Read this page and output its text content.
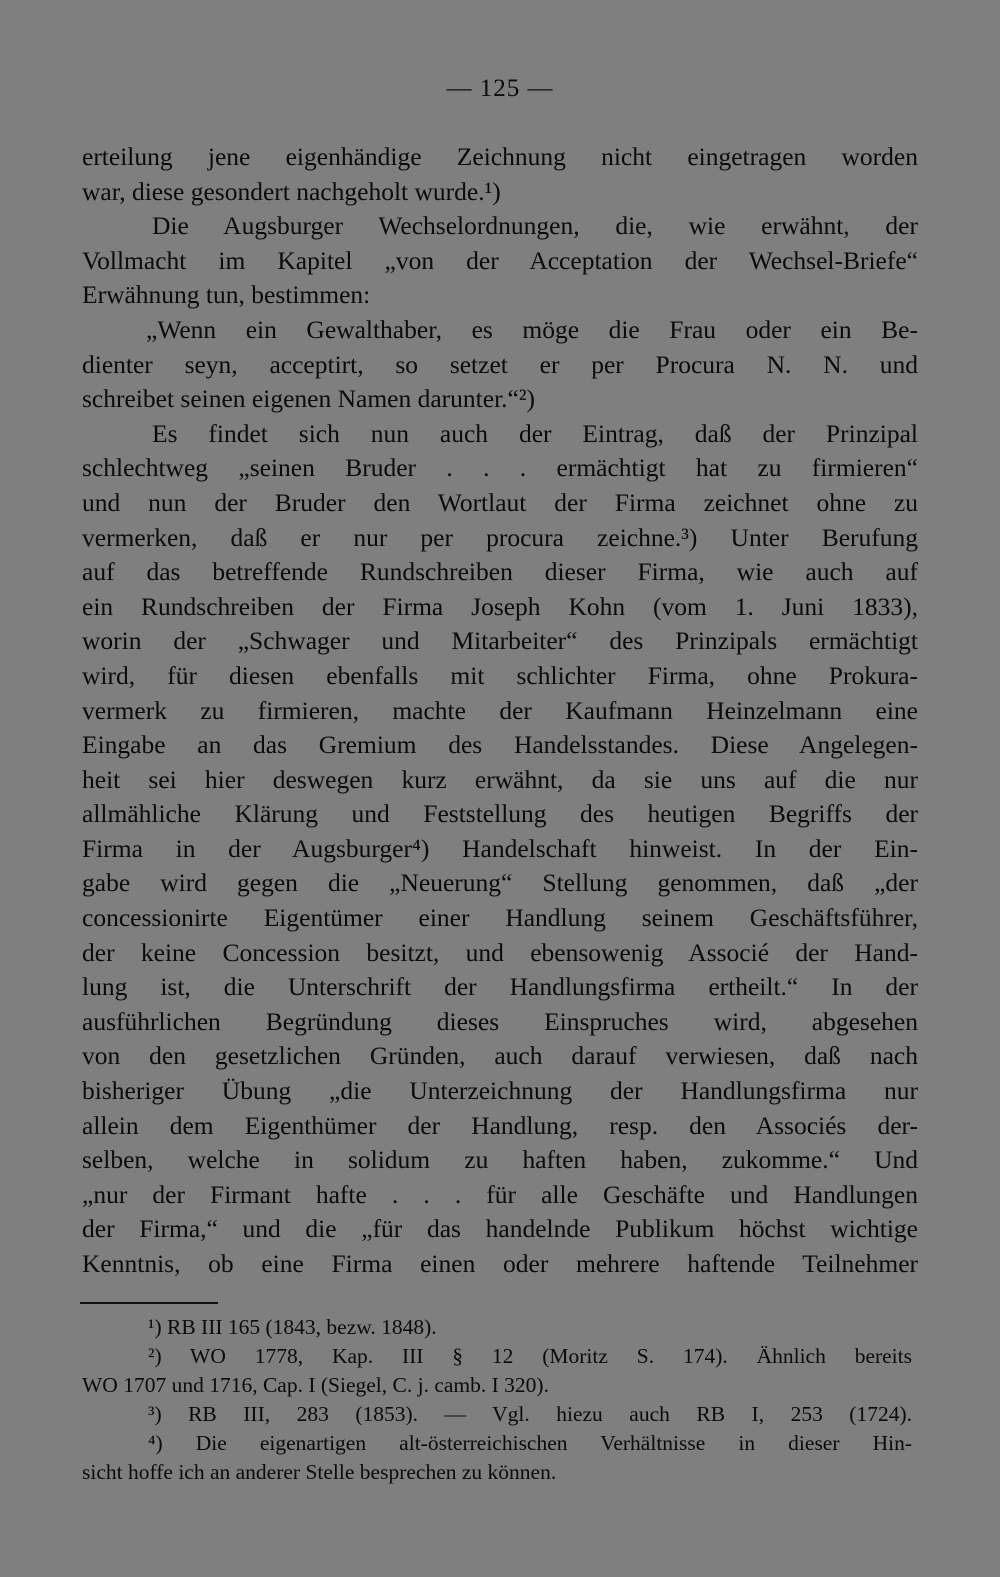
— 125 —
erteilung jene eigenhändige Zeichnung nicht eingetragen worden
war, diese gesondert nachgeholt wurde.¹)
Die Augsburger Wechselordnungen, die, wie erwähnt, der
Vollmacht im Kapitel „von der Acceptation der Wechsel-Briefe“
Erwähnung tun, bestimmen:
„Wenn ein Gewalthaber, es möge die Frau oder ein Be-
dienter seyn, acceptirt, so setzet er per Procura N. N. und
schreibet seinen eigenen Namen darunter.“²)
Es findet sich nun auch der Eintrag, daß der Prinzipal
schlechtweg „seinen Bruder . . . ermächtigt hat zu firmieren“
und nun der Bruder den Wortlaut der Firma zeichnet ohne zu
vermerken, daß er nur per procura zeichne.³) Unter Berufung
auf das betreffende Rundschreiben dieser Firma, wie auch auf
ein Rundschreiben der Firma Joseph Kohn (vom 1. Juni 1833),
worin der „Schwager und Mitarbeiter“ des Prinzipals ermächtigt
wird, für diesen ebenfalls mit schlichter Firma, ohne Prokura-
vermerk zu firmieren, machte der Kaufmann Heinzelmann eine
Eingabe an das Gremium des Handelsstandes. Diese Angelegen-
heit sei hier deswegen kurz erwähnt, da sie uns auf die nur
allmähliche Klärung und Feststellung des heutigen Begriffs der
Firma in der Augsburger⁴) Handelschaft hinweist. In der Ein-
gabe wird gegen die „Neuerung“ Stellung genommen, daß „der
concessionirte Eigentümer einer Handlung seinem Geschäftsführer,
der keine Concession besitzt, und ebensowenig Associé der Hand-
lung ist, die Unterschrift der Handlungsfirma ertheilt.“ In der
ausführlichen Begründung dieses Einspruches wird, abgesehen
von den gesetzlichen Gründen, auch darauf verwiesen, daß nach
bisheriger Übung „die Unterzeichnung der Handlungsfirma nur
allein dem Eigenthümer der Handlung, resp. den Associés der-
selben, welche in solidum zu haften haben, zukomme.“ Und
„nur der Firmant hafte . . . für alle Geschäfte und Handlungen
der Firma,“ und die „für das handelnde Publikum höchst wichtige
Kenntnis, ob eine Firma einen oder mehrere haftende Teilnehmer
¹) RB III 165 (1843, bezw. 1848).
²) WO 1778, Kap. III § 12 (Moritz S. 174). Ähnlich bereits
WO 1707 und 1716, Cap. I (Siegel, C. j. camb. I 320).
³) RB III, 283 (1853). — Vgl. hiezu auch RB I, 253 (1724).
⁴) Die eigenartigen alt-österreichischen Verhältnisse in dieser Hin-
sicht hoffe ich an anderer Stelle besprechen zu können.
